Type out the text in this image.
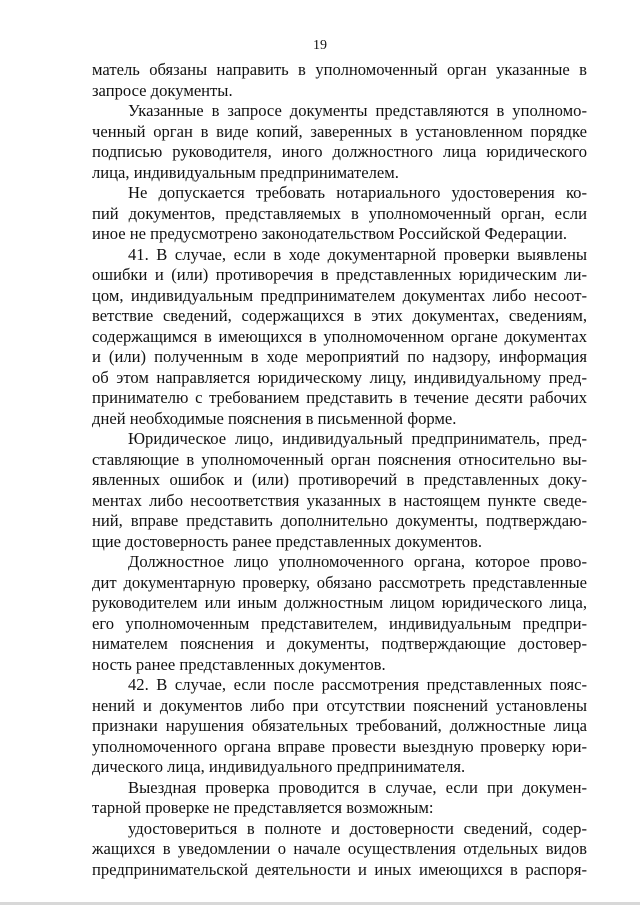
19
матель обязаны направить в уполномоченный орган указанные в
запросе документы.
Указанные в запросе документы представляются в уполномо-
ченный орган в виде копий, заверенных в установленном порядке
подписью руководителя, иного должностного лица юридического
лица, индивидуальным предпринимателем.
Не допускается требовать нотариального удостоверения ко-
пий документов, представляемых в уполномоченный орган, если
иное не предусмотрено законодательством Российской Федерации.
41. В случае, если в ходе документарной проверки выявлены
ошибки и (или) противоречия в представленных юридическим ли-
цом, индивидуальным предпринимателем документах либо несоот-
ветствие сведений, содержащихся в этих документах, сведениям,
содержащимся в имеющихся в уполномоченном органе документах
и (или) полученным в ходе мероприятий по надзору, информация
об этом направляется юридическому лицу, индивидуальному пред-
принимателю с требованием представить в течение десяти рабочих
дней необходимые пояснения в письменной форме.
Юридическое лицо, индивидуальный предприниматель, пред-
ставляющие в уполномоченный орган пояснения относительно вы-
явленных ошибок и (или) противоречий в представленных доку-
ментах либо несоответствия указанных в настоящем пункте сведе-
ний, вправе представить дополнительно документы, подтверждаю-
щие достоверность ранее представленных документов.
Должностное лицо уполномоченного органа, которое прово-
дит документарную проверку, обязано рассмотреть представленные
руководителем или иным должностным лицом юридического лица,
его уполномоченным представителем, индивидуальным предпри-
нимателем пояснения и документы, подтверждающие достовер-
ность ранее представленных документов.
42. В случае, если после рассмотрения представленных пояс-
нений и документов либо при отсутствии пояснений установлены
признаки нарушения обязательных требований, должностные лица
уполномоченного органа вправе провести выездную проверку юри-
дического лица, индивидуального предпринимателя.
Выездная проверка проводится в случае, если при докумен-
тарной проверке не представляется возможным:
удостовериться в полноте и достоверности сведений, содер-
жащихся в уведомлении о начале осуществления отдельных видов
предпринимательской деятельности и иных имеющихся в распоря-
